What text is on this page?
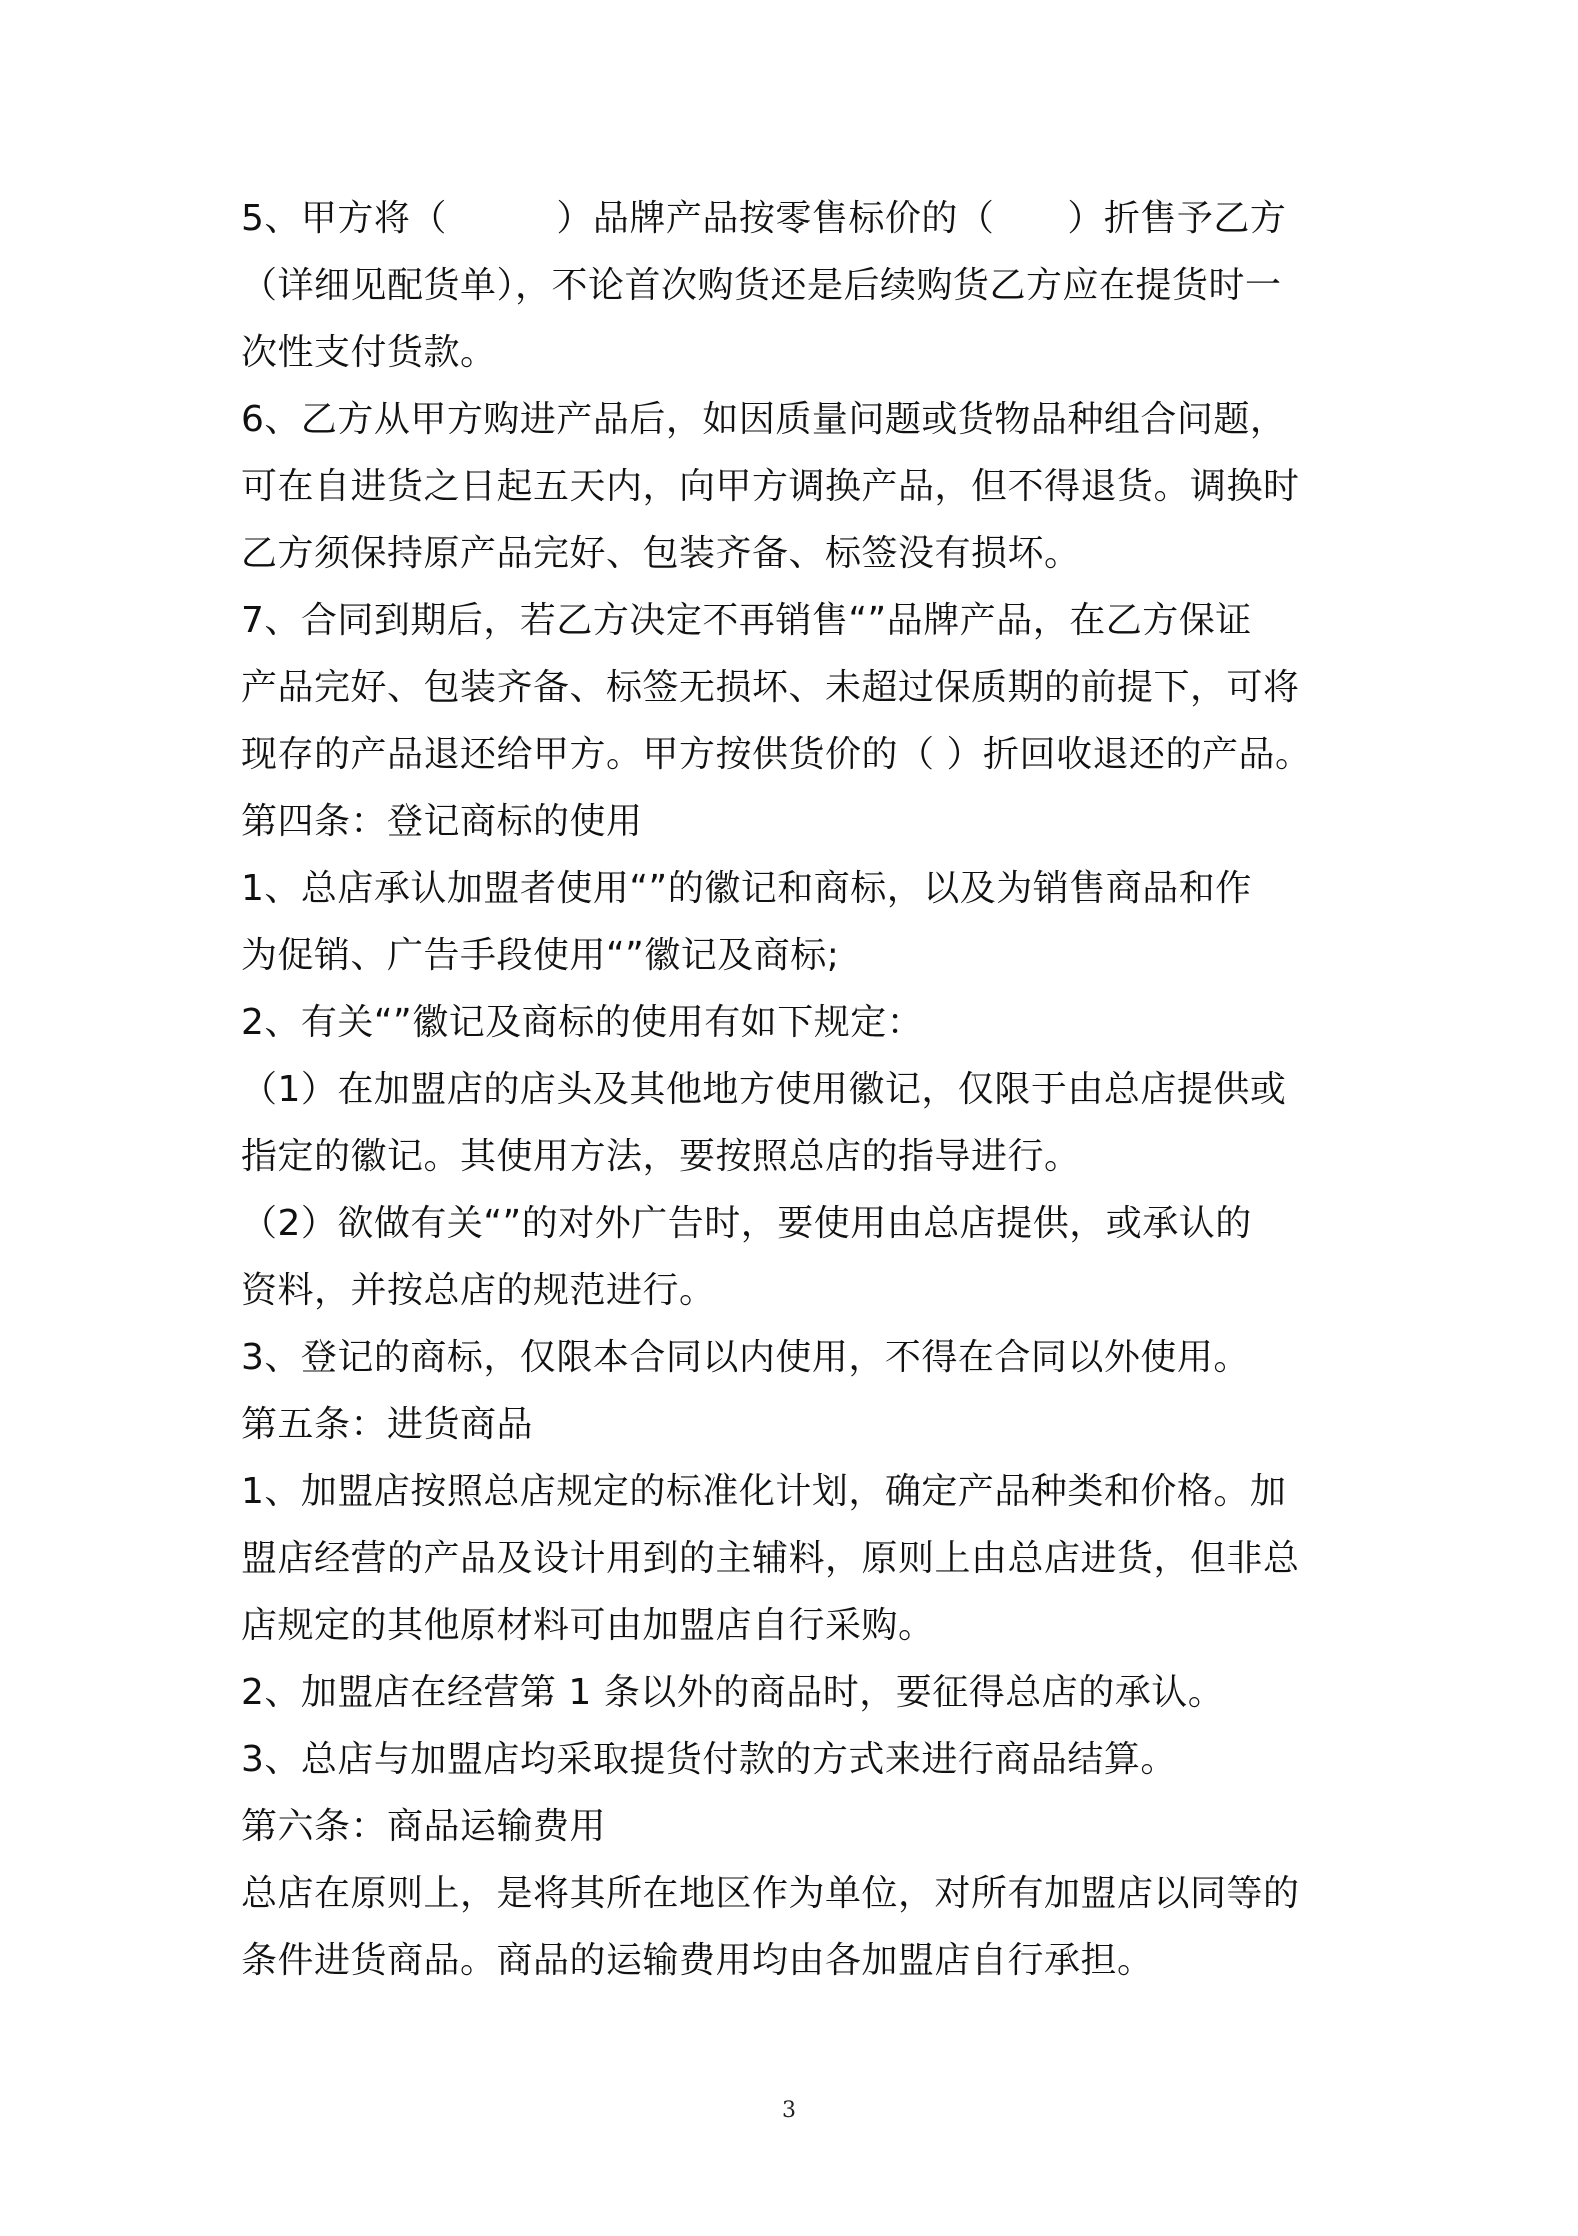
5、甲方将（　　　）品牌产品按零售标价的（　　）折售予乙方
（详细见配货单），不论首次购货还是后续购货乙方应在提货时一
次性支付货款。
6、乙方从甲方购进产品后，如因质量问题或货物品种组合问题，
可在自进货之日起五天内，向甲方调换产品，但不得退货。调换时
乙方须保持原产品完好、包装齐备、标签没有损坏。
7、合同到期后，若乙方决定不再销售“”品牌产品，在乙方保证
产品完好、包装齐备、标签无损坏、未超过保质期的前提下，可将
现存的产品退还给甲方。甲方按供货价的（ ）折回收退还的产品。
第四条：登记商标的使用
1、总店承认加盟者使用“”的徽记和商标，以及为销售商品和作
为促销、广告手段使用“”徽记及商标;
2、有关“”徽记及商标的使用有如下规定：
（1）在加盟店的店头及其他地方使用徽记，仅限于由总店提供或
指定的徽记。其使用方法，要按照总店的指导进行。
（2）欲做有关“”的对外广告时，要使用由总店提供，或承认的
资料，并按总店的规范进行。
3、登记的商标，仅限本合同以内使用，不得在合同以外使用。
第五条：进货商品
1、加盟店按照总店规定的标准化计划，确定产品种类和价格。加
盟店经营的产品及设计用到的主辅料，原则上由总店进货，但非总
店规定的其他原材料可由加盟店自行采购。
2、加盟店在经营第 1 条以外的商品时，要征得总店的承认。
3、总店与加盟店均采取提货付款的方式来进行商品结算。
第六条：商品运输费用
总店在原则上，是将其所在地区作为单位，对所有加盟店以同等的
条件进货商品。商品的运输费用均由各加盟店自行承担。
3
